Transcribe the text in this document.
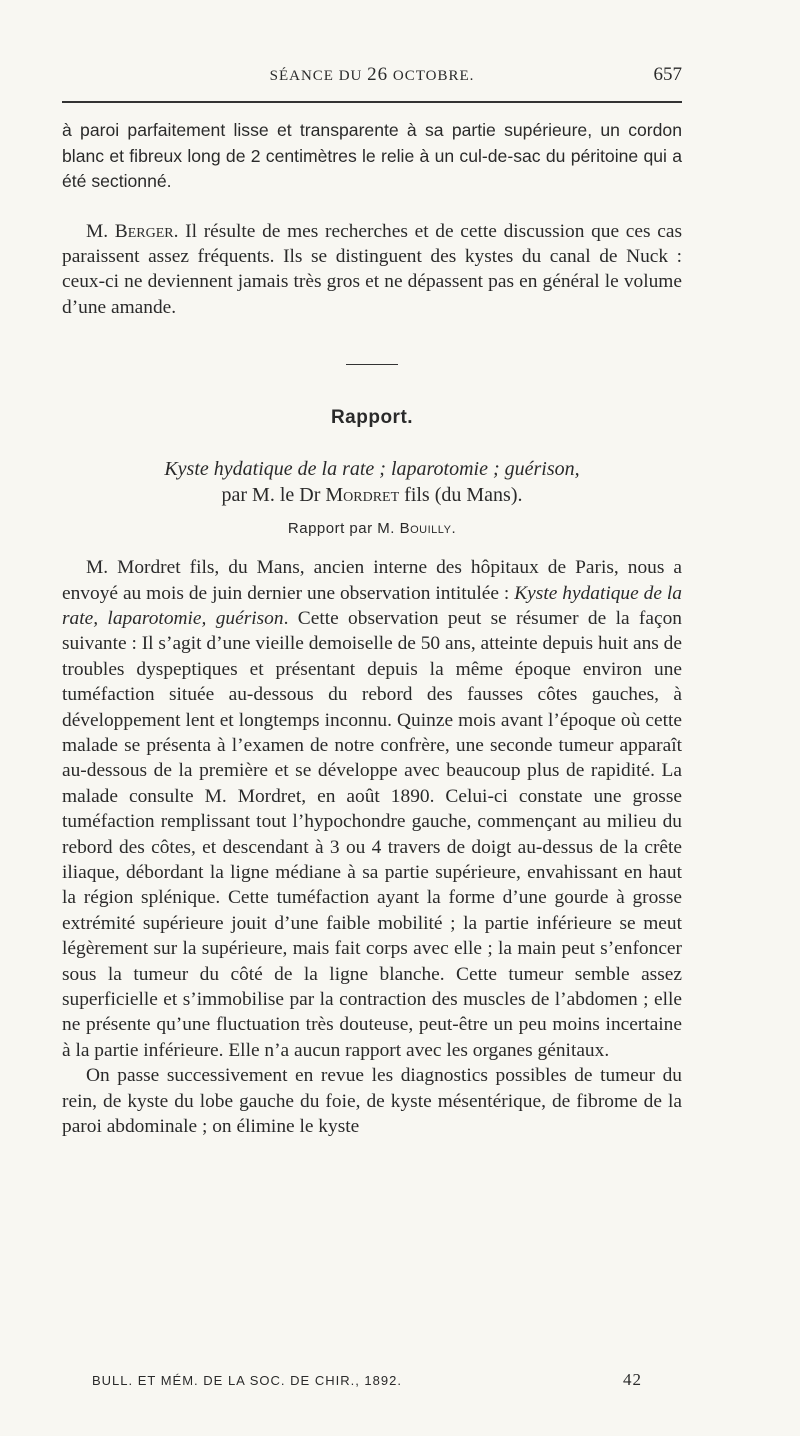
SÉANCE DU 26 OCTOBRE.	657

à paroi parfaitement lisse et transparente à sa partie supérieure, un cordon blanc et fibreux long de 2 centimètres le relie à un cul-de-sac du péritoine qui a été sectionné.

M. Berger. Il résulte de mes recherches et de cette discussion que ces cas paraissent assez fréquents. Ils se distinguent des kystes du canal de Nuck : ceux-ci ne deviennent jamais très gros et ne dépassent pas en général le volume d’une amande.

Rapport.
Kyste hydatique de la rate ; laparotomie ; guérison,
par M. le Dr Mordret fils (du Mans).
Rapport par M. Bouilly.

M. Mordret fils, du Mans, ancien interne des hôpitaux de Paris, nous a envoyé au mois de juin dernier une observation intitulée : Kyste hydatique de la rate, laparotomie, guérison. Cette observation peut se résumer de la façon suivante : Il s’agit d’une vieille demoiselle de 50 ans, atteinte depuis huit ans de troubles dyspeptiques et présentant depuis la même époque environ une tuméfaction située au-dessous du rebord des fausses côtes gauches, à développement lent et longtemps inconnu. Quinze mois avant l’époque où cette malade se présenta à l’examen de notre confrère, une seconde tumeur apparaît au-dessous de la première et se développe avec beaucoup plus de rapidité. La malade consulte M. Mordret, en août 1890. Celui-ci constate une grosse tuméfaction remplissant tout l’hypochondre gauche, commençant au milieu du rebord des côtes, et descendant à 3 ou 4 travers de doigt au-dessus de la crête iliaque, débordant la ligne médiane à sa partie supérieure, envahissant en haut la région splénique. Cette tuméfaction ayant la forme d’une gourde à grosse extrémité supérieure jouit d’une faible mobilité ; la partie inférieure se meut légèrement sur la supérieure, mais fait corps avec elle ; la main peut s’enfoncer sous la tumeur du côté de la ligne blanche. Cette tumeur semble assez superficielle et s’immobilise par la contraction des muscles de l’abdomen ; elle ne présente qu’une fluctuation très douteuse, peut-être un peu moins incertaine à la partie inférieure. Elle n’a aucun rapport avec les organes génitaux.

On passe successivement en revue les diagnostics possibles de tumeur du rein, de kyste du lobe gauche du foie, de kyste mésentérique, de fibrome de la paroi abdominale ; on élimine le kyste

BULL. ET MÉM. DE LA SOC. DE CHIR., 1892.	42
